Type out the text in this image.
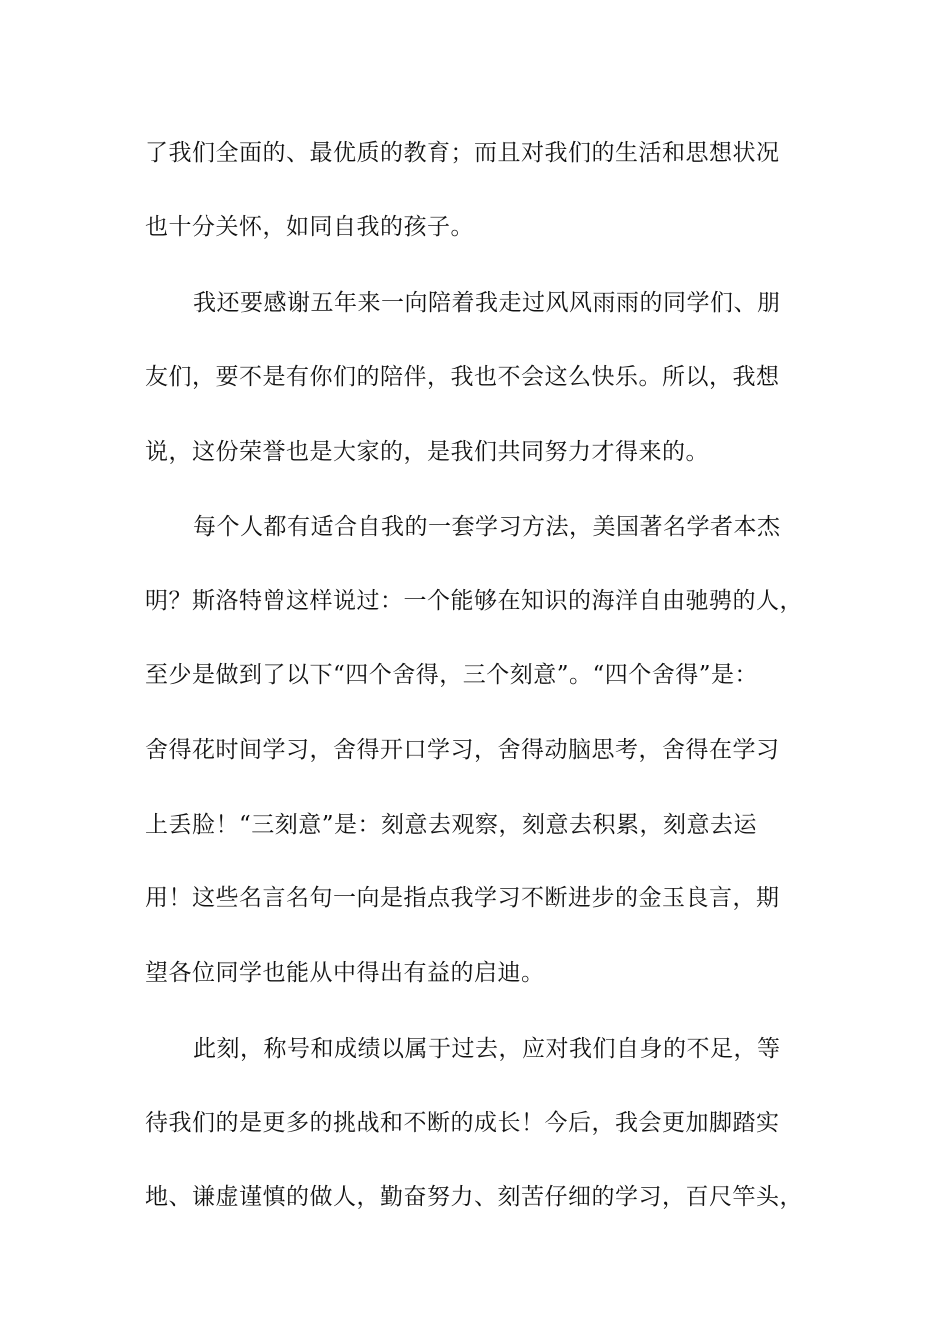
了我们全面的、最优质的教育；而且对我们的生活和思想状况
也十分关怀，如同自我的孩子。
我还要感谢五年来一向陪着我走过风风雨雨的同学们、朋
友们，要不是有你们的陪伴，我也不会这么快乐。所以，我想
说，这份荣誉也是大家的，是我们共同努力才得来的。
每个人都有适合自我的一套学习方法，美国著名学者本杰
明？斯洛特曾这样说过：一个能够在知识的海洋自由驰骋的人，
至少是做到了以下“四个舍得，三个刻意”。“四个舍得”是：
舍得花时间学习，舍得开口学习，舍得动脑思考，舍得在学习
上丢脸！“三刻意”是：刻意去观察，刻意去积累，刻意去运
用！这些名言名句一向是指点我学习不断进步的金玉良言，期
望各位同学也能从中得出有益的启迪。
此刻，称号和成绩以属于过去，应对我们自身的不足，等
待我们的是更多的挑战和不断的成长！今后，我会更加脚踏实
地、谦虚谨慎的做人，勤奋努力、刻苦仔细的学习，百尺竿头，
